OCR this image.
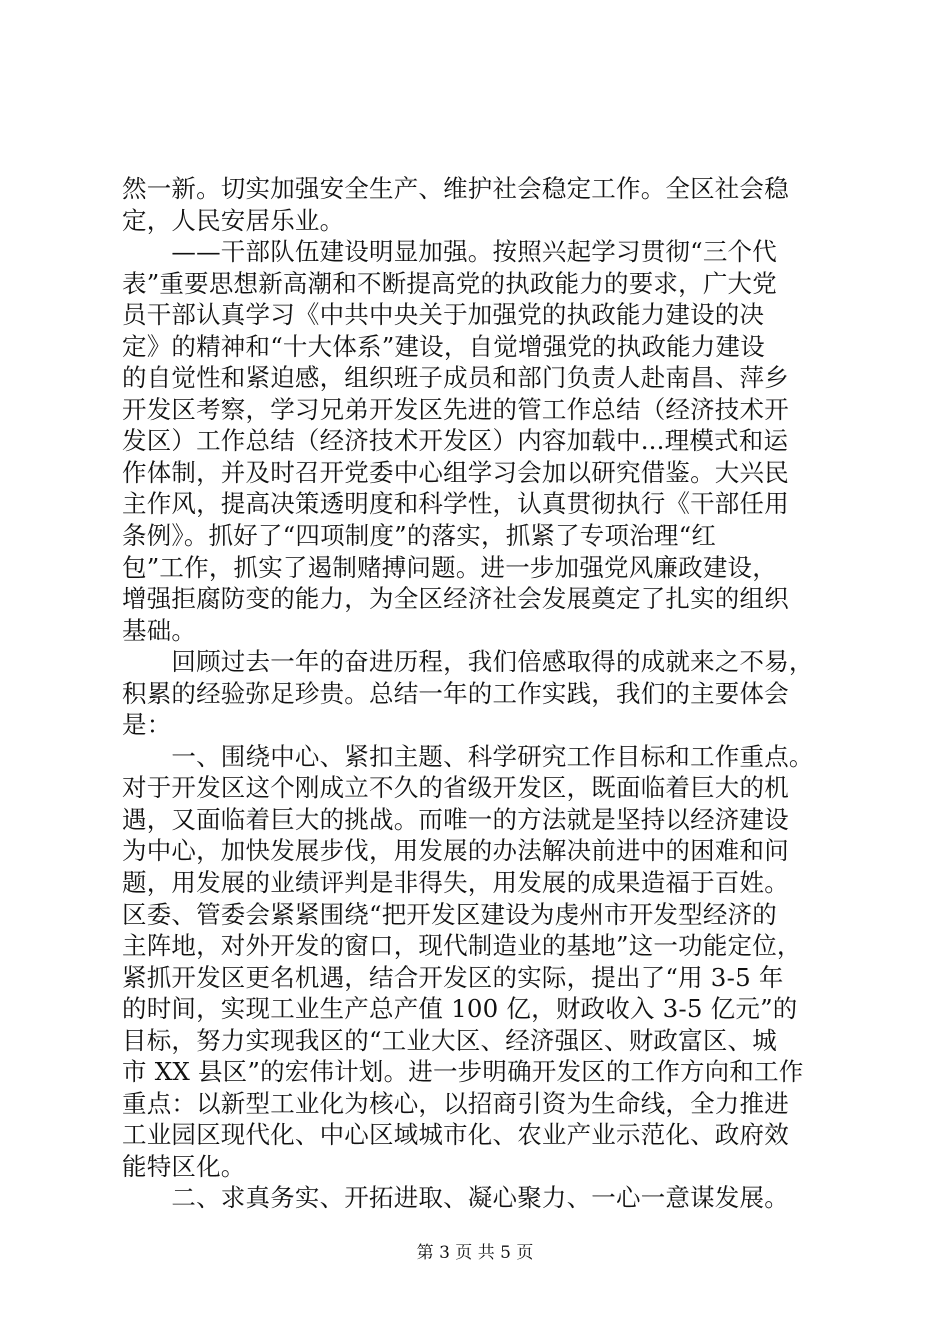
然一新。切实加强安全生产、维护社会稳定工作。全区社会稳
定，人民安居乐业。
　　——干部队伍建设明显加强。按照兴起学习贯彻“三个代
表”重要思想新高潮和不断提高党的执政能力的要求，广大党
员干部认真学习《中共中央关于加强党的执政能力建设的决
定》的精神和“十大体系”建设，自觉增强党的执政能力建设
的自觉性和紧迫感，组织班子成员和部门负责人赴南昌、萍乡
开发区考察，学习兄弟开发区先进的管工作总结（经济技术开
发区）工作总结（经济技术开发区）内容加载中...理模式和运
作体制，并及时召开党委中心组学习会加以研究借鉴。大兴民
主作风，提高决策透明度和科学性，认真贯彻执行《干部任用
条例》。抓好了“四项制度”的落实，抓紧了专项治理“红
包”工作，抓实了遏制赌搏问题。进一步加强党风廉政建设，
增强拒腐防变的能力，为全区经济社会发展奠定了扎实的组织
基础。
　　回顾过去一年的奋进历程，我们倍感取得的成就来之不易，
积累的经验弥足珍贵。总结一年的工作实践，我们的主要体会
是：
　　一、围绕中心、紧扣主题、科学研究工作目标和工作重点。
对于开发区这个刚成立不久的省级开发区，既面临着巨大的机
遇，又面临着巨大的挑战。而唯一的方法就是坚持以经济建设
为中心，加快发展步伐，用发展的办法解决前进中的困难和问
题，用发展的业绩评判是非得失，用发展的成果造福于百姓。
区委、管委会紧紧围绕“把开发区建设为虔州市开发型经济的
主阵地，对外开发的窗口，现代制造业的基地”这一功能定位，
紧抓开发区更名机遇，结合开发区的实际，提出了“用 3-5 年
的时间，实现工业生产总产值 100 亿，财政收入 3-5 亿元”的
目标，努力实现我区的“工业大区、经济强区、财政富区、城
市 XX 县区”的宏伟计划。进一步明确开发区的工作方向和工作
重点：以新型工业化为核心，以招商引资为生命线，全力推进
工业园区现代化、中心区域城市化、农业产业示范化、政府效
能特区化。
　　二、求真务实、开拓进取、凝心聚力、一心一意谋发展。
第 3 页 共 5 页
